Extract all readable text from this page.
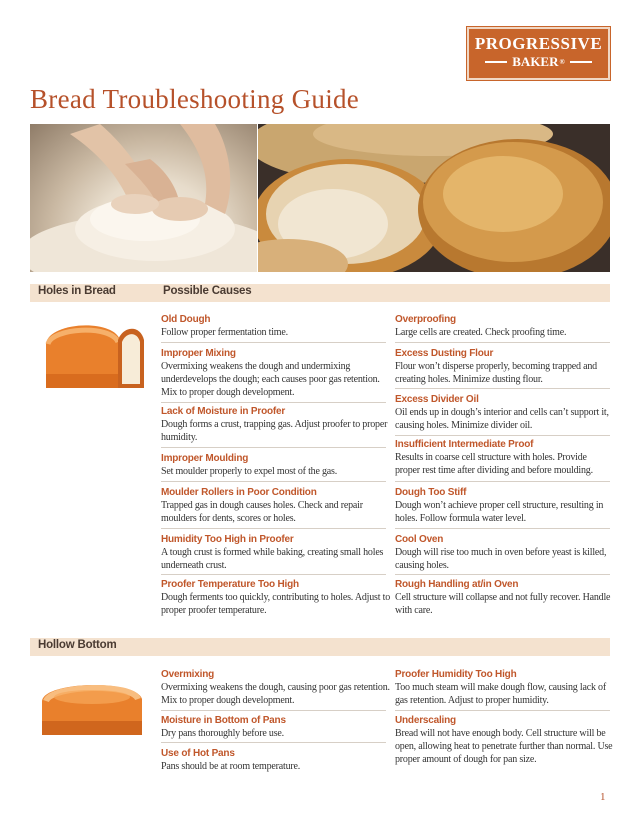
PROGRESSIVE
BAKER ®
Bread Troubleshooting Guide
Holes in Bread	Possible Causes
Old Dough
Follow proper fermentation time.
Improper Mixing
Overmixing weakens the dough and undermixing underdevelops the dough; each causes poor gas retention. Mix to proper dough development.
Lack of Moisture in Proofer
Dough forms a crust, trapping gas. Adjust proofer to proper humidity.
Improper Moulding
Set moulder properly to expel most of the gas.
Moulder Rollers in Poor Condition
Trapped gas in dough causes holes. Check and repair moulders for dents, scores or holes.
Humidity Too High in Proofer
A tough crust is formed while baking, creating small holes underneath crust.
Proofer Temperature Too High
Dough ferments too quickly, contributing to holes. Adjust to proper proofer temperature.
Overproofing
Large cells are created. Check proofing time.
Excess Dusting Flour
Flour won’t disperse properly, becoming trapped and creating holes. Minimize dusting flour.
Excess Divider Oil
Oil ends up in dough’s interior and cells can’t support it, causing holes. Minimize divider oil.
Insufficient Intermediate Proof
Results in coarse cell structure with holes. Provide proper rest time after dividing and before moulding.
Dough Too Stiff
Dough won’t achieve proper cell structure, resulting in holes. Follow formula water level.
Cool Oven
Dough will rise too much in oven before yeast is killed, causing holes.
Rough Handling at/in Oven
Cell structure will collapse and not fully recover. Handle with care.
Hollow Bottom
Overmixing
Overmixing weakens the dough, causing poor gas retention. Mix to proper dough development.
Moisture in Bottom of Pans
Dry pans thoroughly before use.
Use of Hot Pans
Pans should be at room temperature.
Proofer Humidity Too High
Too much steam will make dough flow, causing lack of gas retention. Adjust to proper humidity.
Underscaling
Bread will not have enough body. Cell structure will be open, allowing heat to penetrate further than normal. Use proper amount of dough for pan size.
1
